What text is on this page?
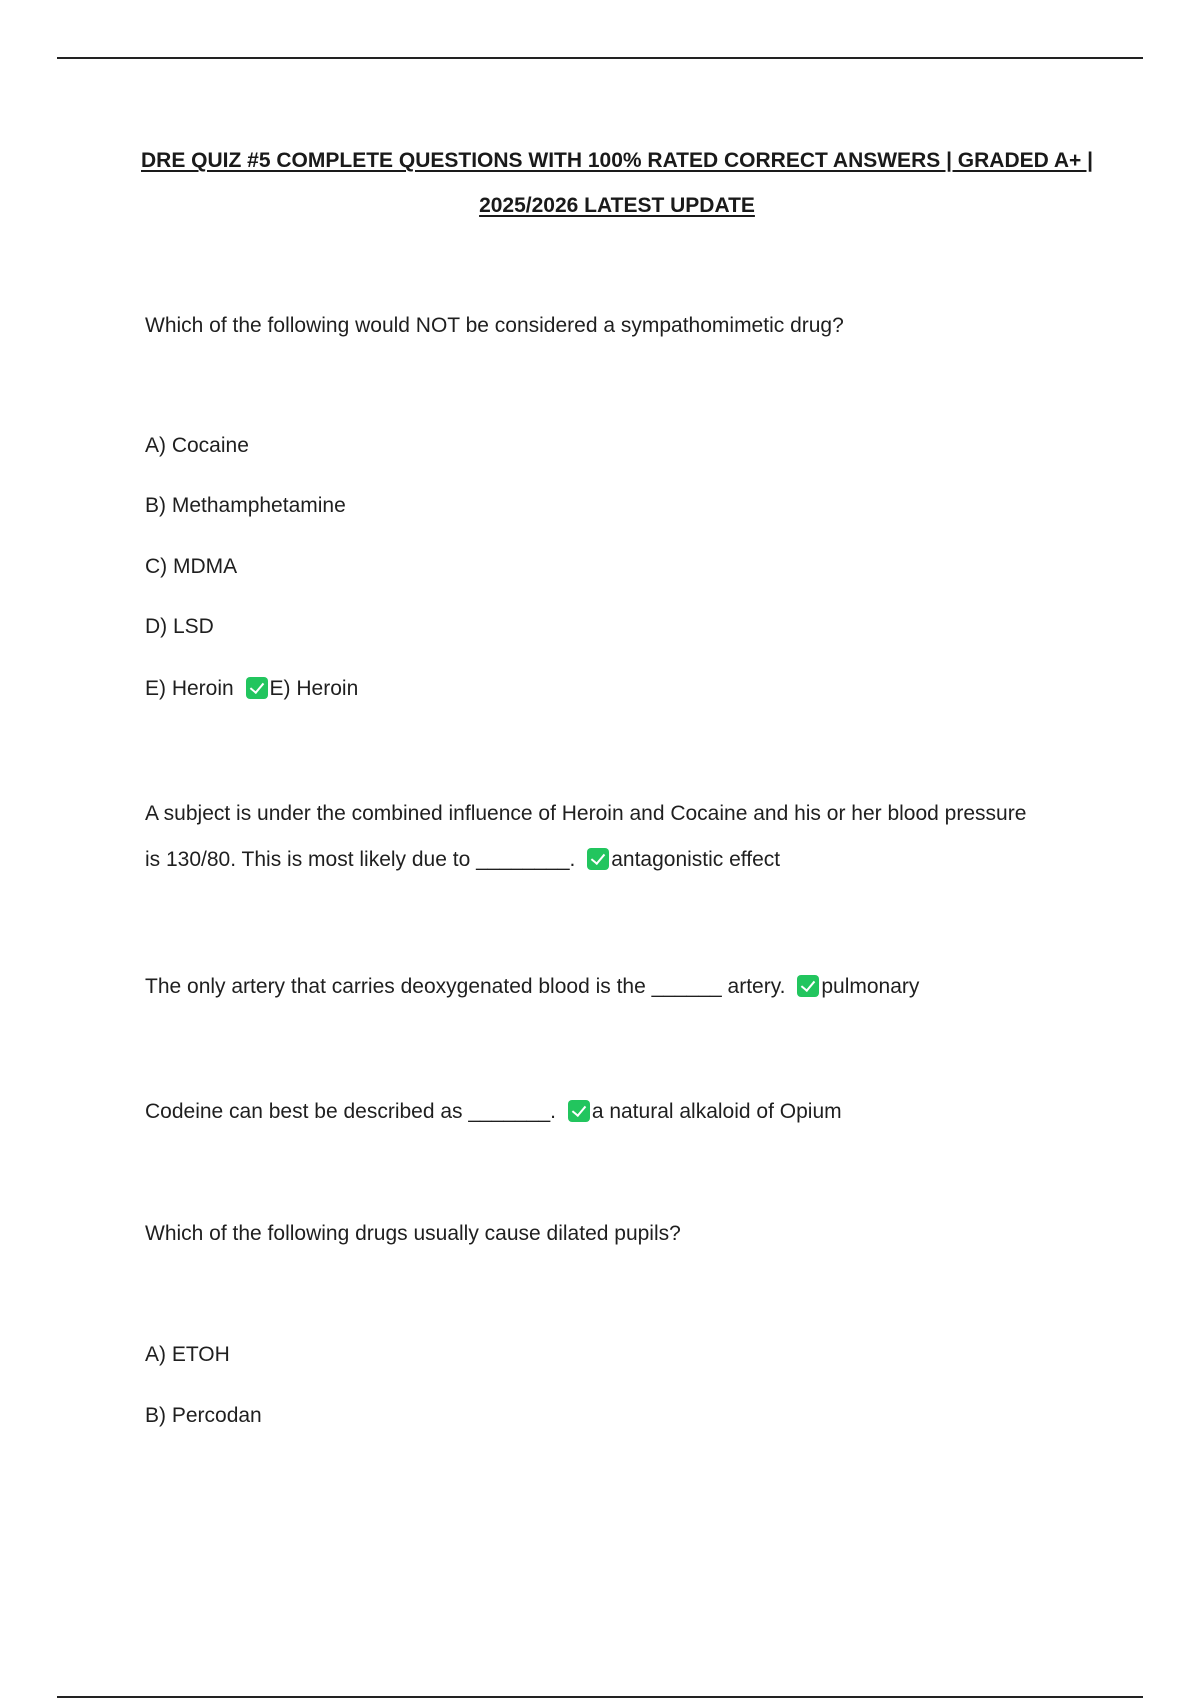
DRE QUIZ #5 COMPLETE QUESTIONS WITH 100% RATED CORRECT ANSWERS | GRADED A+ |
2025/2026 LATEST UPDATE
Which of the following would NOT be considered a sympathomimetic drug?
A) Cocaine
B) Methamphetamine
C) MDMA
D) LSD
E) Heroin E) Heroin
A subject is under the combined influence of Heroin and Cocaine and his or her blood pressure
is 130/80. This is most likely due to ________. antagonistic effect
The only artery that carries deoxygenated blood is the ______ artery. pulmonary
Codeine can best be described as _______. a natural alkaloid of Opium
Which of the following drugs usually cause dilated pupils?
A) ETOH
B) Percodan
